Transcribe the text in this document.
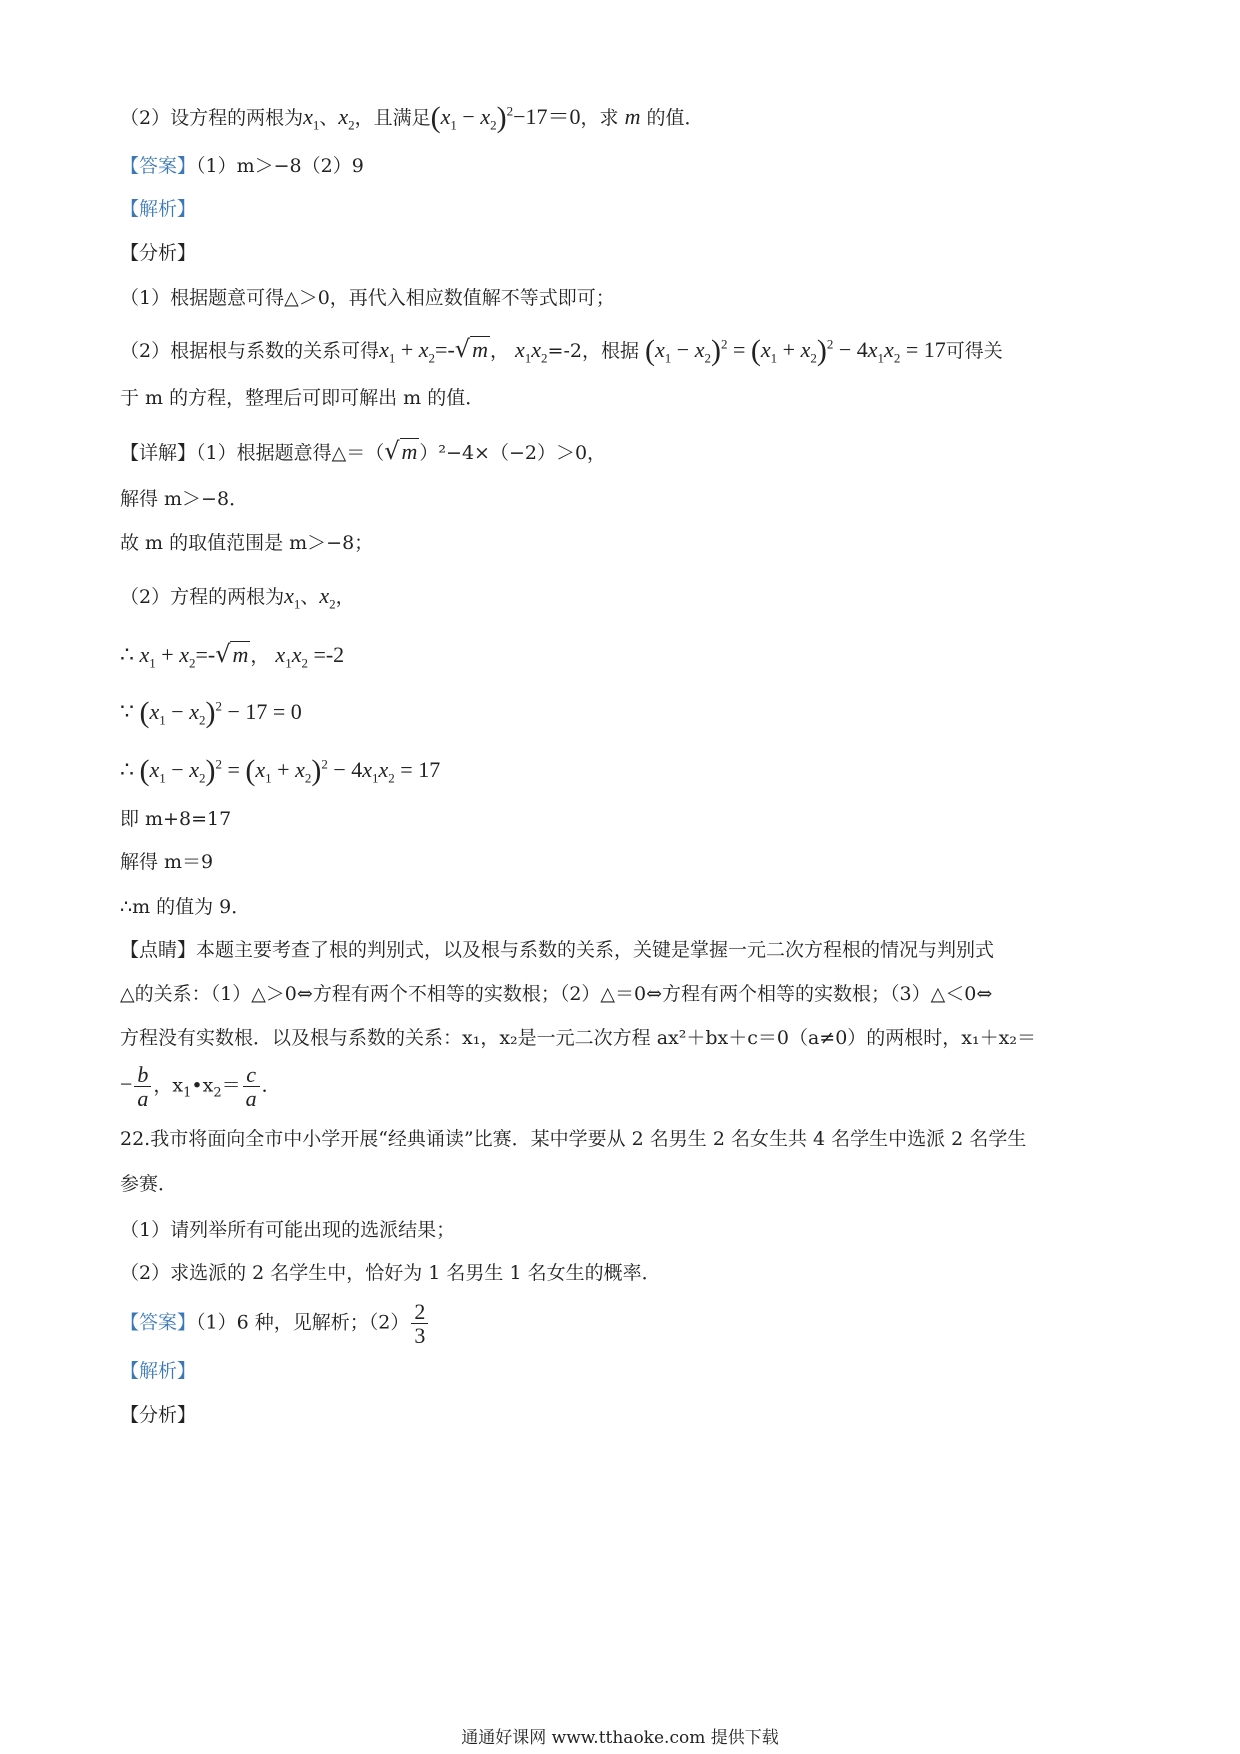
（2）设方程的两根为$x_1$、$x_2$，且满足$(x_1 - x_2)^2-17=0$，求 m 的值．
【答案】（1）m＞−8（2）9
【解析】
【分析】
（1）根据题意可得△＞0，再代入相应数值解不等式即可；
（2）根据根与系数的关系可得$x_1 + x_2=-√m$ ， $x_1x_2=-2$，根据 $(x_1 - x_2)^2 = (x_1 + x_2)^2 - 4x_1x_2 = 17$可得关
于 m 的方程，整理后可即可解出 m 的值．
【详解】（1）根据题意得△＝（√m ）²−4×（−2）＞0，
解得 m＞−8．
故 m 的取值范围是 m＞−8；
（2）方程的两根为$x_1$、$x_2$，
∴ $x_1 + x_2=-√m$ ， $x_1x_2 =-2$
∵ $(x_1 - x_2)^2 - 17 = 0$
∴ $(x_1 - x_2)^2 = (x_1 + x_2)^2 - 4x_1x_2 = 17$
即 m+8=17
解得 m＝9
∴m 的值为 9．
【点睛】本题主要考查了根的判别式，以及根与系数的关系，关键是掌握一元二次方程根的情况与判别式
△的关系：（1）△＞0⇔方程有两个不相等的实数根；（2）△＝0⇔方程有两个相等的实数根；（3）△＜0⇔
方程没有实数根．以及根与系数的关系：x₁，x₂是一元二次方程 ax²＋bx＋c＝0（a≠0）的两根时，x₁＋x₂＝
− $\frac{b}{a}$ ，$x_1•x_2= \frac{c}{a}$ ．
22.我市将面向全市中小学开展“经典诵读”比赛．某中学要从 2 名男生 2 名女生共 4 名学生中选派 2 名学生
参赛．
（1）请列举所有可能出现的选派结果；
（2）求选派的 2 名学生中，恰好为 1 名男生 1 名女生的概率．
【答案】（1）6 种，见解析；$(2) \frac{2}{3}$
【解析】
【分析】
通通好课网 www.tthaoke.com 提供下载
